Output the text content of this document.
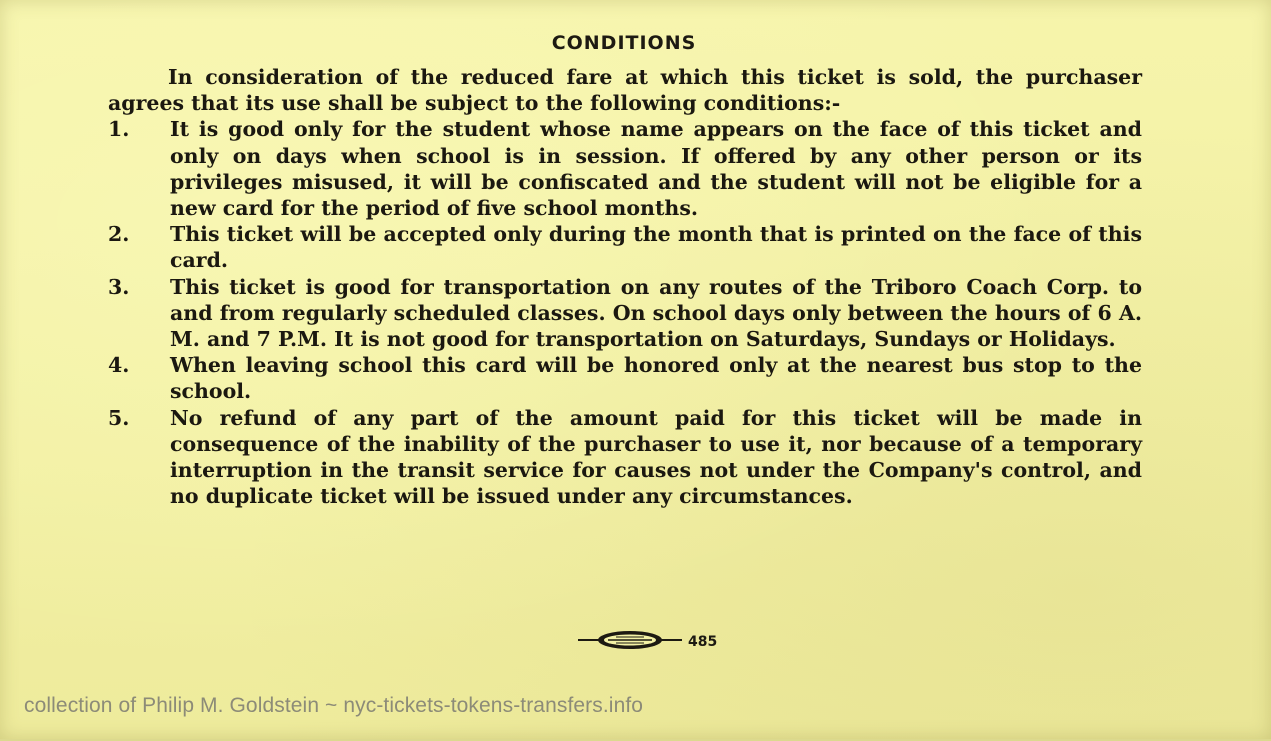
CONDITIONS

In consideration of the reduced fare at which this ticket is sold, the purchaser agrees that its use shall be subject to the following conditions:-

1. It is good only for the student whose name appears on the face of this ticket and only on days when school is in session. If offered by any other person or its privileges misused, it will be confiscated and the student will not be eligible for a new card for the period of five school months.
2. This ticket will be accepted only during the month that is printed on the face of this card.
3. This ticket is good for transportation on any routes of the Triboro Coach Corp. to and from regularly scheduled classes. On school days only between the hours of 6 A. M. and 7 P.M. It is not good for transportation on Saturdays, Sundays or Holidays.
4. When leaving school this card will be honored only at the nearest bus stop to the school.
5. No refund of any part of the amount paid for this ticket will be made in consequence of the inability of the purchaser to use it, nor because of a temporary interruption in the transit service for causes not under the Company's control, and no duplicate ticket will be issued under any circumstances.
485
collection of Philip M. Goldstein ~ nyc-tickets-tokens-transfers.info
